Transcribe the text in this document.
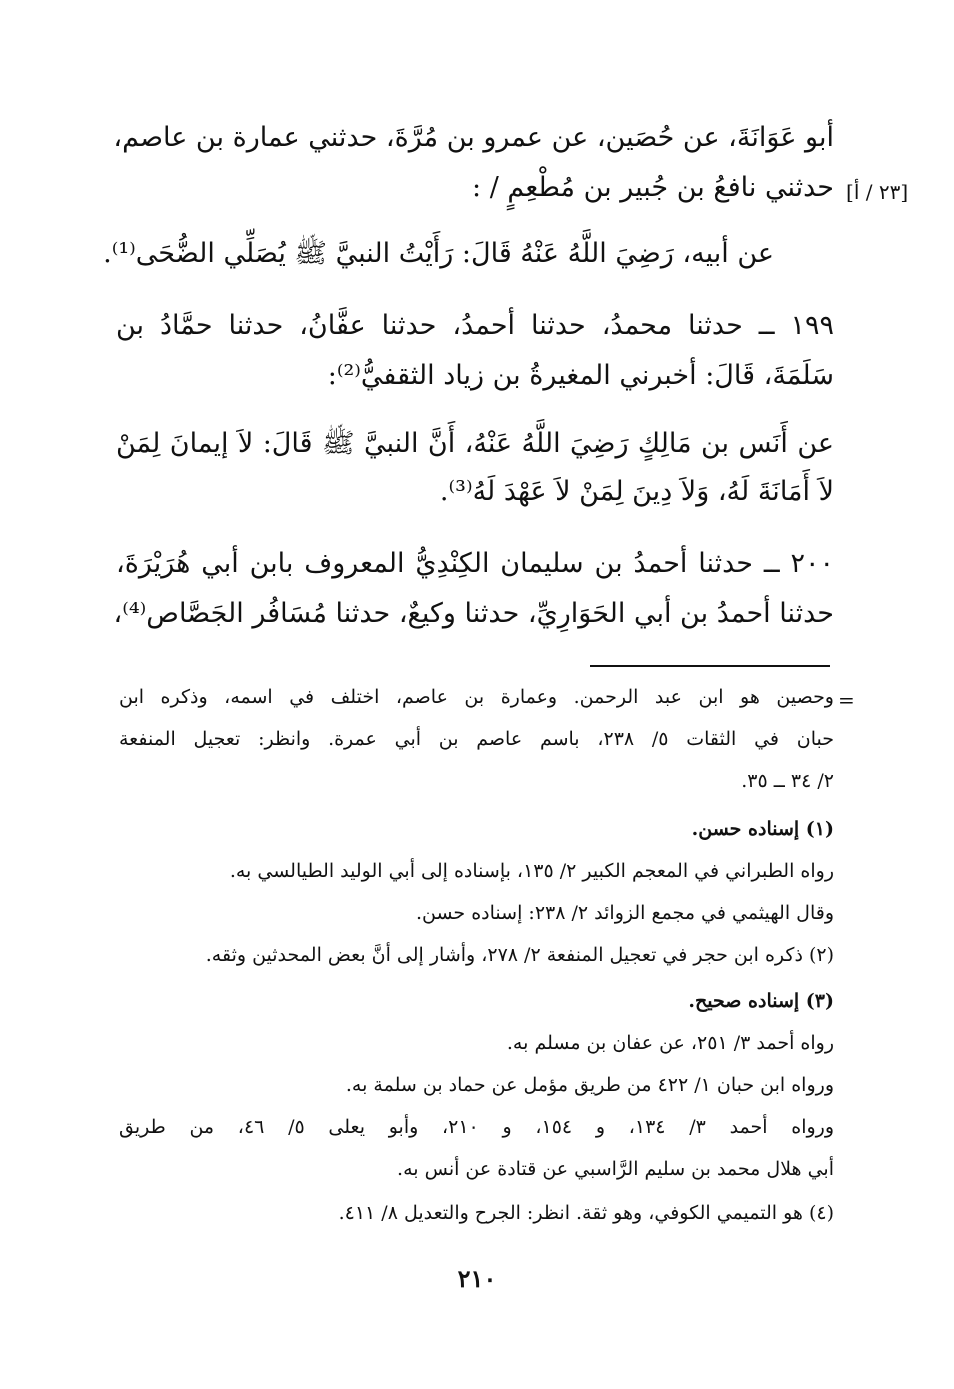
أبو عَوَانَةَ، عن حُصَين، عن عمرو بن مُرَّةَ، حدثني عمارة بن عاصم،
حدثني نافعُ بن جُبير بن مُطْعِمٍ / : [٢٣ / أ]
عن أبيه، رَضِيَ اللَّهُ عَنْهُ قَالَ: رَأَيْتُ النبيَّ ﷺ يُصَلِّي الضُّحَى⁽¹⁾.
١٩٩ ــ حدثنا محمدُ، حدثنا أحمدُ، حدثنا عفَّانُ، حدثنا حمَّادُ بن
سَلَمَةَ، قَالَ: أخبرني المغيرةُ بن زياد الثقفيُّ⁽²⁾:
عن أَنَس بن مَالِكٍ رَضِيَ اللَّهُ عَنْهُ، أَنَّ النبيَّ ﷺ قَالَ: لاَ إيمانَ لِمَنْ
لاَ أَمَانَةَ لَهُ، وَلاَ دِينَ لِمَنْ لاَ عَهْدَ لَهُ⁽³⁾.
٢٠٠ ــ حدثنا أحمدُ بن سليمان الكِنْدِيُّ المعروف بابن أبي هُرَيْرَةَ،
حدثنا أحمدُ بن أبي الحَوَارِيِّ، حدثنا وكيعٌ، حدثنا مُسَافُر الجَصَّاص⁽⁴⁾،
=
وحصين هو ابن عبد الرحمن. وعمارة بن عاصم، اختلف في اسمه، وذكره ابن
حبان في الثقات ٥/ ٢٣٨، باسم عاصم بن أبي عمرة. وانظر: تعجيل المنفعة
٢/ ٣٤ ــ ٣٥.
(١) إسناده حسن.
رواه الطبراني في المعجم الكبير ٢/ ١٣٥، بإسناده إلى أبي الوليد الطيالسي به.
وقال الهيثمي في مجمع الزوائد ٢/ ٢٣٨: إسناده حسن.
(٢) ذكره ابن حجر في تعجيل المنفعة ٢/ ٢٧٨، وأشار إلى أنَّ بعض المحدثين وثقه.
(٣) إسناده صحيح.
رواه أحمد ٣/ ٢٥١، عن عفان بن مسلم به.
ورواه ابن حبان ١/ ٤٢٢ من طريق مؤمل عن حماد بن سلمة به.
ورواه أحمد ٣/ ١٣٤، و ١٥٤، و ٢١٠، وأبو يعلى ٥/ ٤٦، من طريق
أبي هلال محمد بن سليم الرَّاسبي عن قتادة عن أنس به.
(٤) هو التميمي الكوفي، وهو ثقة. انظر: الجرح والتعديل ٨/ ٤١١.
٢١٠
